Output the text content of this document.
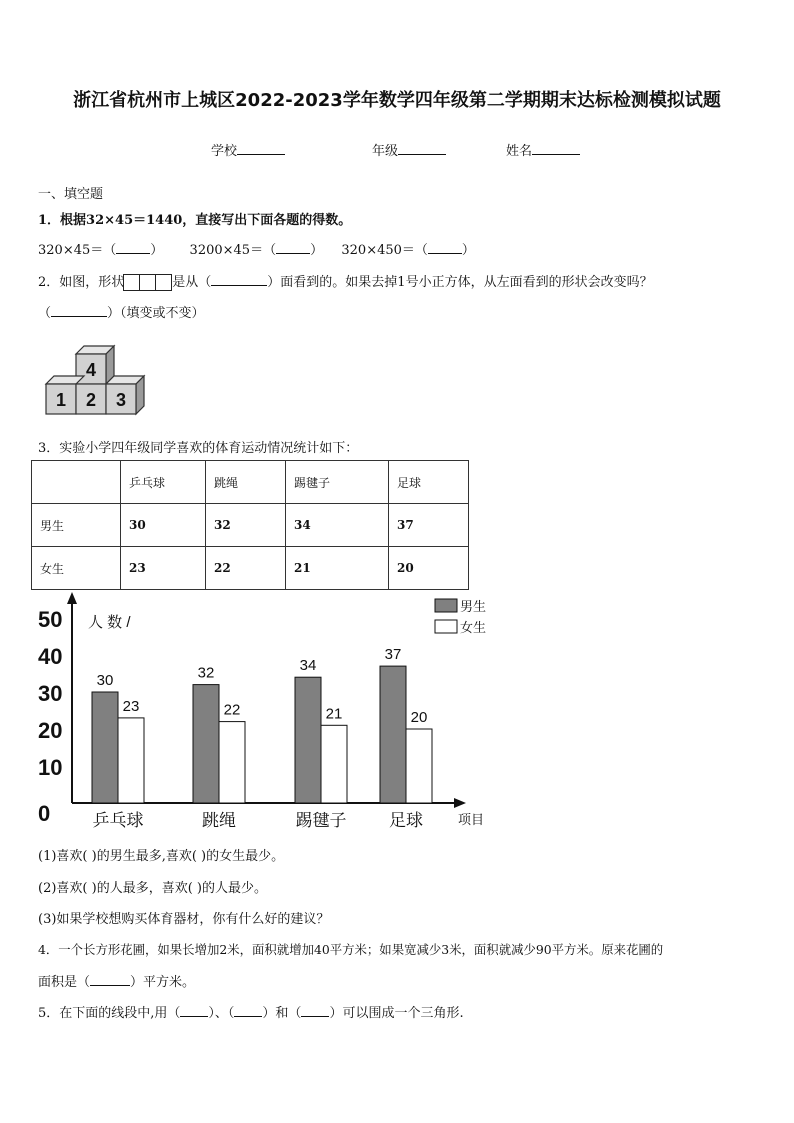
浙江省杭州市上城区2022-2023学年数学四年级第二学期期末达标检测模拟试题
学校	年级	姓名
一、填空题
1．根据32×45＝1440，直接写出下面各题的得数。
320×45＝（	） 3200×45＝（	） 320×450＝（	）
2．如图，形状	是从（	）面看到的。如果去掉1号小正方体，从左面看到的形状会改变吗？
（	）（填变或不变）
4
1 2 3
3．实验小学四年级同学喜欢的体育运动情况统计如下：
	乒乓球	跳绳	踢毽子	足球
男生	30	32	34	37
女生	23	22	21	20
0
10
20
30
40
50 人 数 /
30
23
乒乓球
32
22
跳绳
34
21
踢毽子
37
20
足球	项目
男生
女生
(1)喜欢( )的男生最多,喜欢( )的女生最少。
(2)喜欢( )的人最多，喜欢( )的人最少。
(3)如果学校想购买体育器材，你有什么好的建议？
4．一个长方形花圃，如果长增加2米，面积就增加40平方米；如果宽减少3米，面积就减少90平方米。原来花圃的
面积是（	）平方米。
5．在下面的线段中,用（ ）、（ ）和（ ）可以围成一个三角形.
